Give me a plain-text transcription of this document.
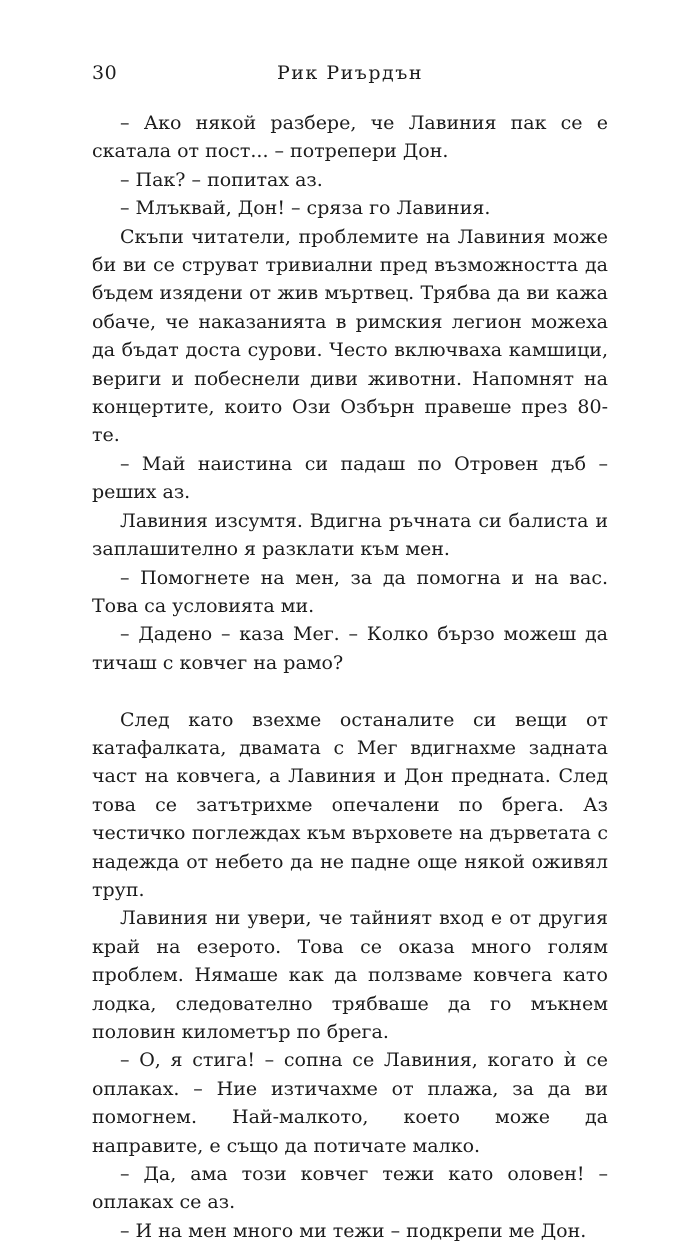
30	Рик Риърдън

– Ако някой разбере, че Лавиния пак се е скатала от пост... – потрепери Дон.

– Пак? – попитах аз.

– Млъквай, Дон! – сряза го Лавиния.

Скъпи читатели, проблемите на Лавиния може би ви се струват тривиални пред възможността да бъдем изядени от жив мъртвец. Трябва да ви кажа обаче, че наказанията в римския легион можеха да бъдат доста сурови. Често включваха камшици, вериги и побеснели диви животни. Напомнят на концертите, които Ози Озбърн правеше през 80-те.

– Май наистина си падаш по Отровен дъб – реших аз.

Лавиния изсумтя. Вдигна ръчната си балиста и заплашително я разклати към мен.

– Помогнете на мен, за да помогна и на вас. Това са условията ми.

– Дадено – каза Мег. – Колко бързо можеш да тичаш с ковчег на рамо?

След като взехме останалите си вещи от катафалката, двамата с Мег вдигнахме задната част на ковчега, а Лавиния и Дон предната. След това се затътрихме опечалени по брега. Аз честичко поглеждах към върховете на дърветата с надежда от небето да не падне още някой оживял труп.

Лавиния ни увери, че тайният вход е от другия край на езерото. Това се оказа много голям проблем. Нямаше как да ползваме ковчега като лодка, следователно трябваше да го мъкнем половин километър по брега.

– О, я стига! – сопна се Лавиния, когато ѝ се оплаках. – Ние изтичахме от плажа, за да ви помогнем. Най-малкото, което може да направите, е също да потичате малко.

– Да, ама този ковчег тежи като оловен! – оплаках се аз.

– И на мен много ми тежи – подкрепи ме Дон.
